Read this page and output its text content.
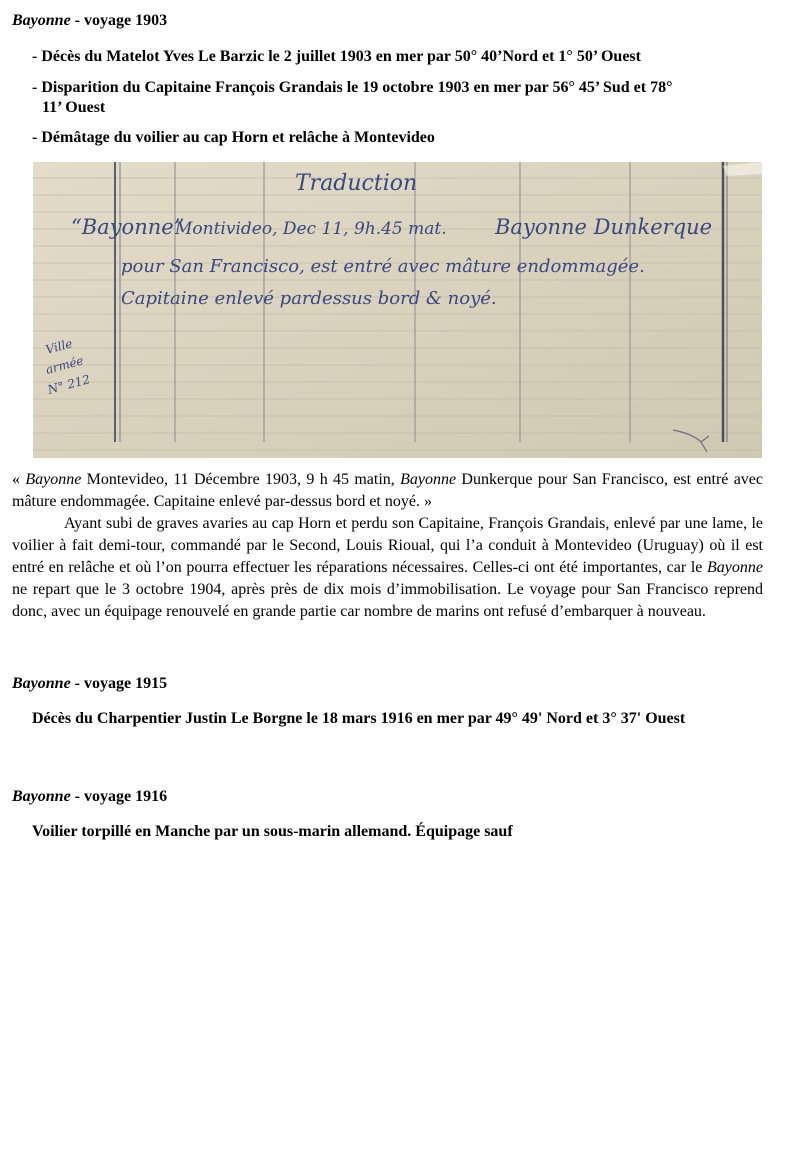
Bayonne - voyage 1903

- Décès du Matelot Yves Le Barzic le 2 juillet 1903 en mer par 50° 40’Nord et 1° 50’ Ouest

- Disparition du Capitaine François Grandais le 19 octobre 1903 en mer par 56° 45’ Sud et 78°
11’ Ouest

- Démâtage du voilier au cap Horn et relâche à Montevideo

Traduction
“Bayonne”
Montivideo, Dec 11, 9h.45 mat. Bayonne Dunkerque
pour San Francisco, est entré avec mâture endommagée.
Capitaine enlevé pardessus bord & noyé.
Ville
armée
N° 212

« Bayonne Montevideo, 11 Décembre 1903, 9 h 45 matin, Bayonne Dunkerque pour San Francisco, est entré avec mâture endommagée. Capitaine enlevé par-dessus bord et noyé. »

Ayant subi de graves avaries au cap Horn et perdu son Capitaine, François Grandais, enlevé par une lame, le voilier à fait demi-tour, commandé par le Second, Louis Rioual, qui l’a conduit à Montevideo (Uruguay) où il est entré en relâche et où l’on pourra effectuer les réparations nécessaires. Celles-ci ont été importantes, car le Bayonne ne repart que le 3 octobre 1904, après près de dix mois d’immobilisation. Le voyage pour San Francisco reprend donc, avec un équipage renouvelé en grande partie car nombre de marins ont refusé d’embarquer à nouveau.

Bayonne - voyage 1915

Décès du Charpentier Justin Le Borgne le 18 mars 1916 en mer par 49° 49' Nord et 3° 37' Ouest

Bayonne - voyage 1916

Voilier torpillé en Manche par un sous-marin allemand. Équipage sauf
